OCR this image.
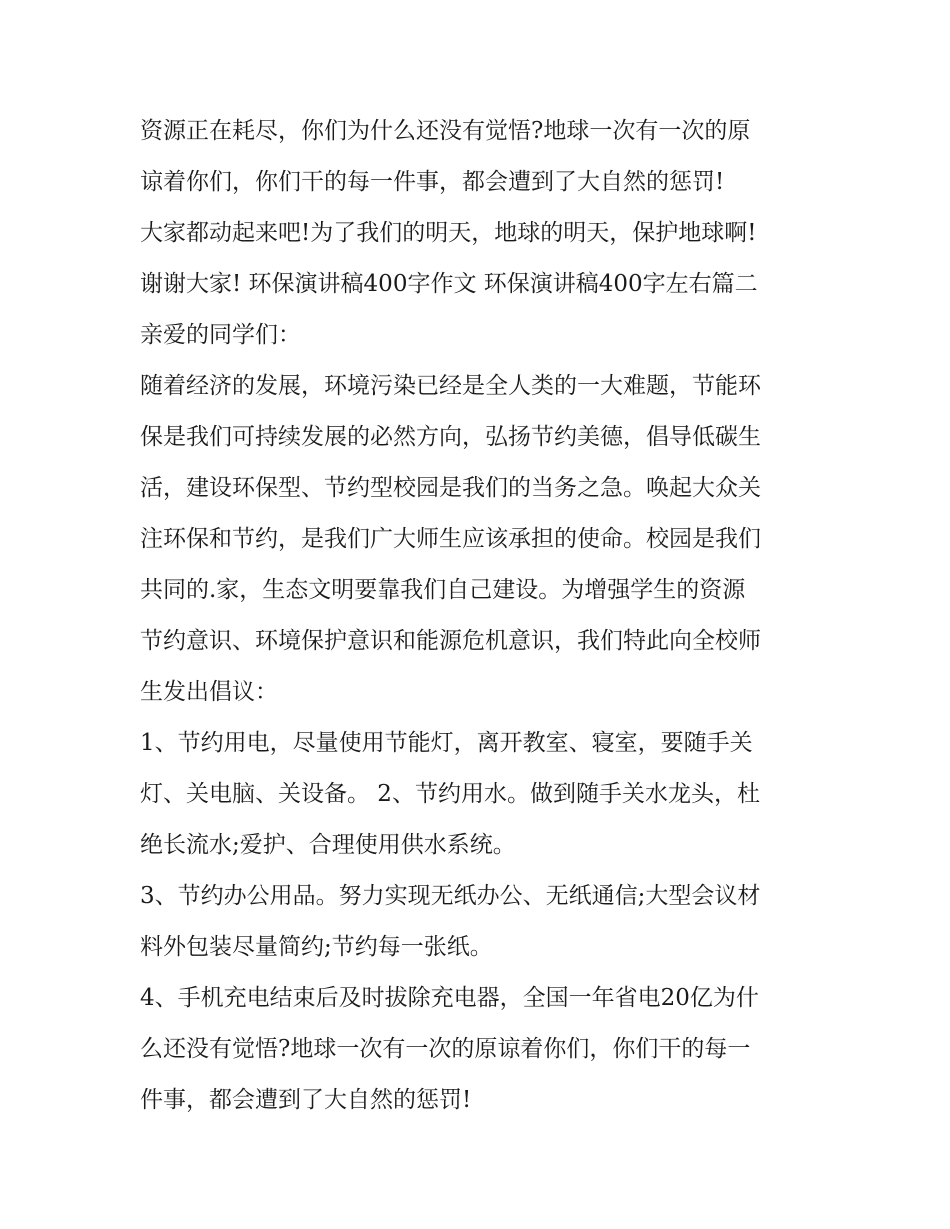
资源正在耗尽，你们为什么还没有觉悟?地球一次有一次的原
谅着你们，你们干的每一件事，都会遭到了大自然的惩罚!
大家都动起来吧!为了我们的明天，地球的明天，保护地球啊!
谢谢大家! 环保演讲稿400字作文 环保演讲稿400字左右篇二
亲爱的同学们：
随着经济的发展，环境污染已经是全人类的一大难题，节能环
保是我们可持续发展的必然方向，弘扬节约美德，倡导低碳生
活，建设环保型、节约型校园是我们的当务之急。唤起大众关
注环保和节约，是我们广大师生应该承担的使命。校园是我们
共同的.家，生态文明要靠我们自己建设。为增强学生的资源
节约意识、环境保护意识和能源危机意识，我们特此向全校师
生发出倡议：
1、节约用电，尽量使用节能灯，离开教室、寝室，要随手关
灯、关电脑、关设备。 2、节约用水。做到随手关水龙头，杜
绝长流水;爱护、合理使用供水系统。
3、节约办公用品。努力实现无纸办公、无纸通信;大型会议材
料外包装尽量简约;节约每一张纸。
4、手机充电结束后及时拔除充电器，全国一年省电20亿为什
么还没有觉悟?地球一次有一次的原谅着你们，你们干的每一
件事，都会遭到了大自然的惩罚!
